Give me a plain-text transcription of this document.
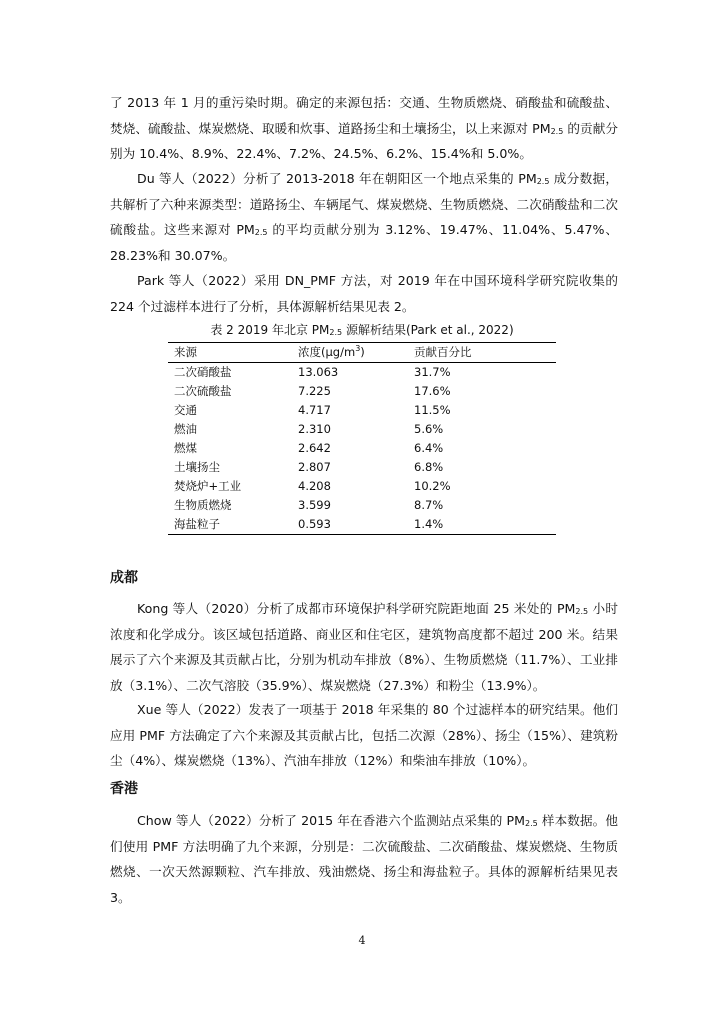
了 2013 年 1 月的重污染时期。确定的来源包括：交通、生物质燃烧、硝酸盐和硫酸盐、焚烧、硫酸盐、煤炭燃烧、取暖和炊事、道路扬尘和土壤扬尘，以上来源对 $PM_{2.5}$ 的贡献分别为 10.4%、8.9%、22.4%、7.2%、24.5%、6.2%、15.4%和 5.0%。

Du 等人（2022）分析了 2013-2018 年在朝阳区一个地点采集的 $PM_{2.5}$ 成分数据，共解析了六种来源类型：道路扬尘、车辆尾气、煤炭燃烧、生物质燃烧、二次硝酸盐和二次硫酸盐。这些来源对 $PM_{2.5}$ 的平均贡献分别为 3.12%、19.47%、11.04%、5.47%、28.23%和 30.07%。

Park 等人（2022）采用 DN_PMF 方法，对 2019 年在中国环境科学研究院收集的 224 个过滤样本进行了分析，具体源解析结果见表 2。

表 2 2019 年北京 $PM_{2.5}$ 源解析结果(Park et al., 2022)
来源	浓度$(\mu g/m^3)$	贡献百分比
二次硝酸盐	13.063	31.7%
二次硫酸盐	7.225	17.6%
交通	4.717	11.5%
燃油	2.310	5.6%
燃煤	2.642	6.4%
土壤扬尘	2.807	6.8%
焚烧炉+工业	4.208	10.2%
生物质燃烧	3.599	8.7%
海盐粒子	0.593	1.4%
成都

Kong 等人（2020）分析了成都市环境保护科学研究院距地面 25 米处的 $PM_{2.5}$ 小时浓度和化学成分。该区域包括道路、商业区和住宅区，建筑物高度都不超过 200 米。结果展示了六个来源及其贡献占比，分别为机动车排放（8%）、生物质燃烧（11.7%）、工业排放（3.1%）、二次气溶胶（35.9%）、煤炭燃烧（27.3%）和粉尘（13.9%）。

Xue 等人（2022）发表了一项基于 2018 年采集的 80 个过滤样本的研究结果。他们应用 PMF 方法确定了六个来源及其贡献占比，包括二次源（28%）、扬尘（15%）、建筑粉尘（4%）、煤炭燃烧（13%）、汽油车排放（12%）和柴油车排放（10%）。

香港

Chow 等人（2022）分析了 2015 年在香港六个监测站点采集的 $PM_{2.5}$ 样本数据。他们使用 PMF 方法明确了九个来源，分别是：二次硫酸盐、二次硝酸盐、煤炭燃烧、生物质燃烧、一次天然源颗粒、汽车排放、残油燃烧、扬尘和海盐粒子。具体的源解析结果见表 3。

4
